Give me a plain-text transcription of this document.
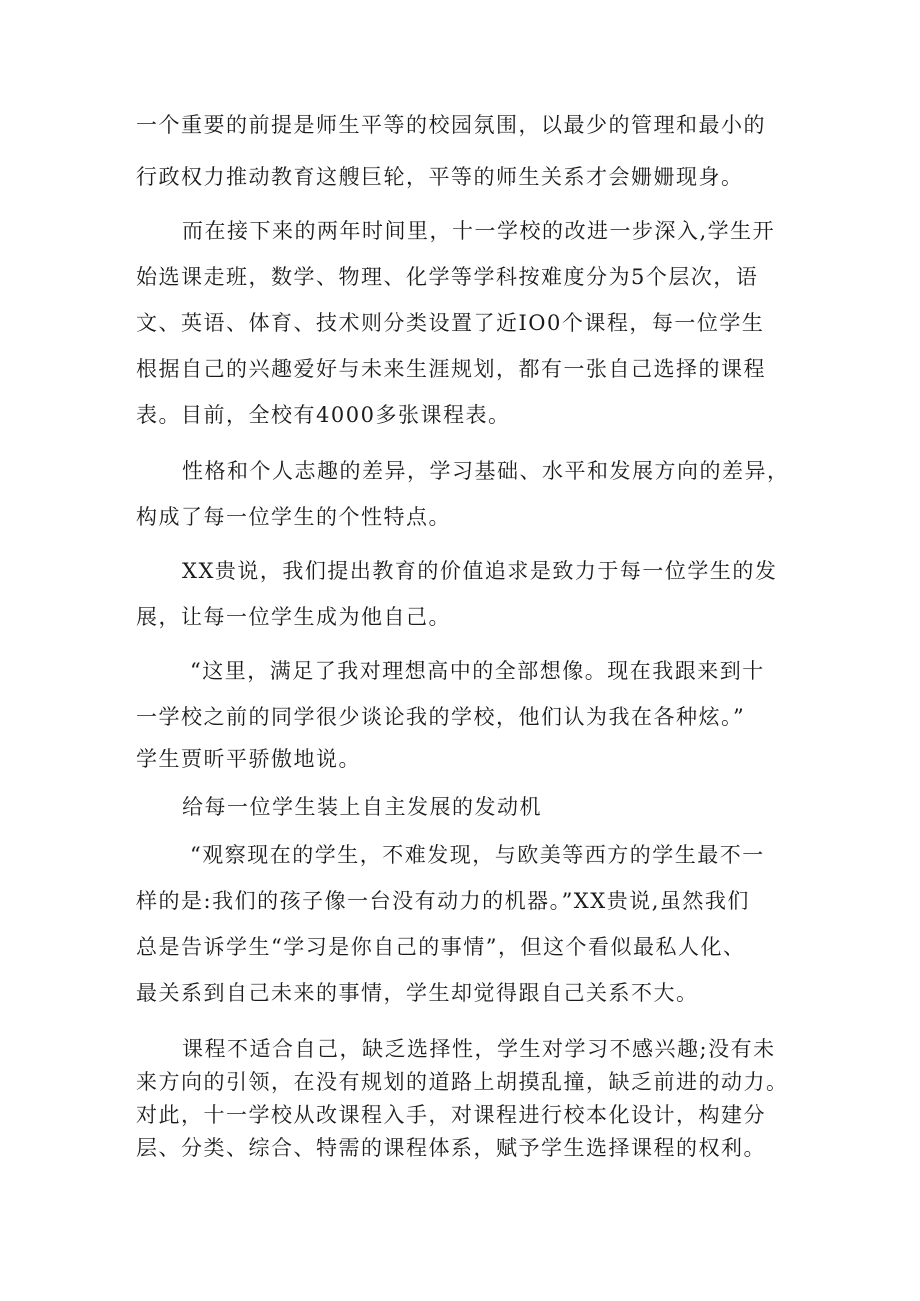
一个重要的前提是师生平等的校园氛围，以最少的管理和最小的
行政权力推动教育这艘巨轮，平等的师生关系才会姗姗现身。
而在接下来的两年时间里，十一学校的改进一步深入,学生开
始选课走班，数学、物理、化学等学科按难度分为5个层次，语
文、英语、体育、技术则分类设置了近IO0个课程，每一位学生
根据自己的兴趣爱好与未来生涯规划，都有一张自己选择的课程
表。目前，全校有4000多张课程表。
性格和个人志趣的差异，学习基础、水平和发展方向的差异，
构成了每一位学生的个性特点。
XX贵说，我们提出教育的价值追求是致力于每一位学生的发
展，让每一位学生成为他自己。
“这里，满足了我对理想高中的全部想像。现在我跟来到十
一学校之前的同学很少谈论我的学校，他们认为我在各种炫。”
学生贾昕平骄傲地说。
给每一位学生装上自主发展的发动机
“观察现在的学生，不难发现，与欧美等西方的学生最不一
样的是:我们的孩子像一台没有动力的机器。”XX贵说,虽然我们
总是告诉学生“学习是你自己的事情”，但这个看似最私人化、
最关系到自己未来的事情，学生却觉得跟自己关系不大。
课程不适合自己，缺乏选择性，学生对学习不感兴趣;没有未
来方向的引领，在没有规划的道路上胡摸乱撞，缺乏前进的动力。
对此，十一学校从改课程入手，对课程进行校本化设计，构建分
层、分类、综合、特需的课程体系，赋予学生选择课程的权利。
